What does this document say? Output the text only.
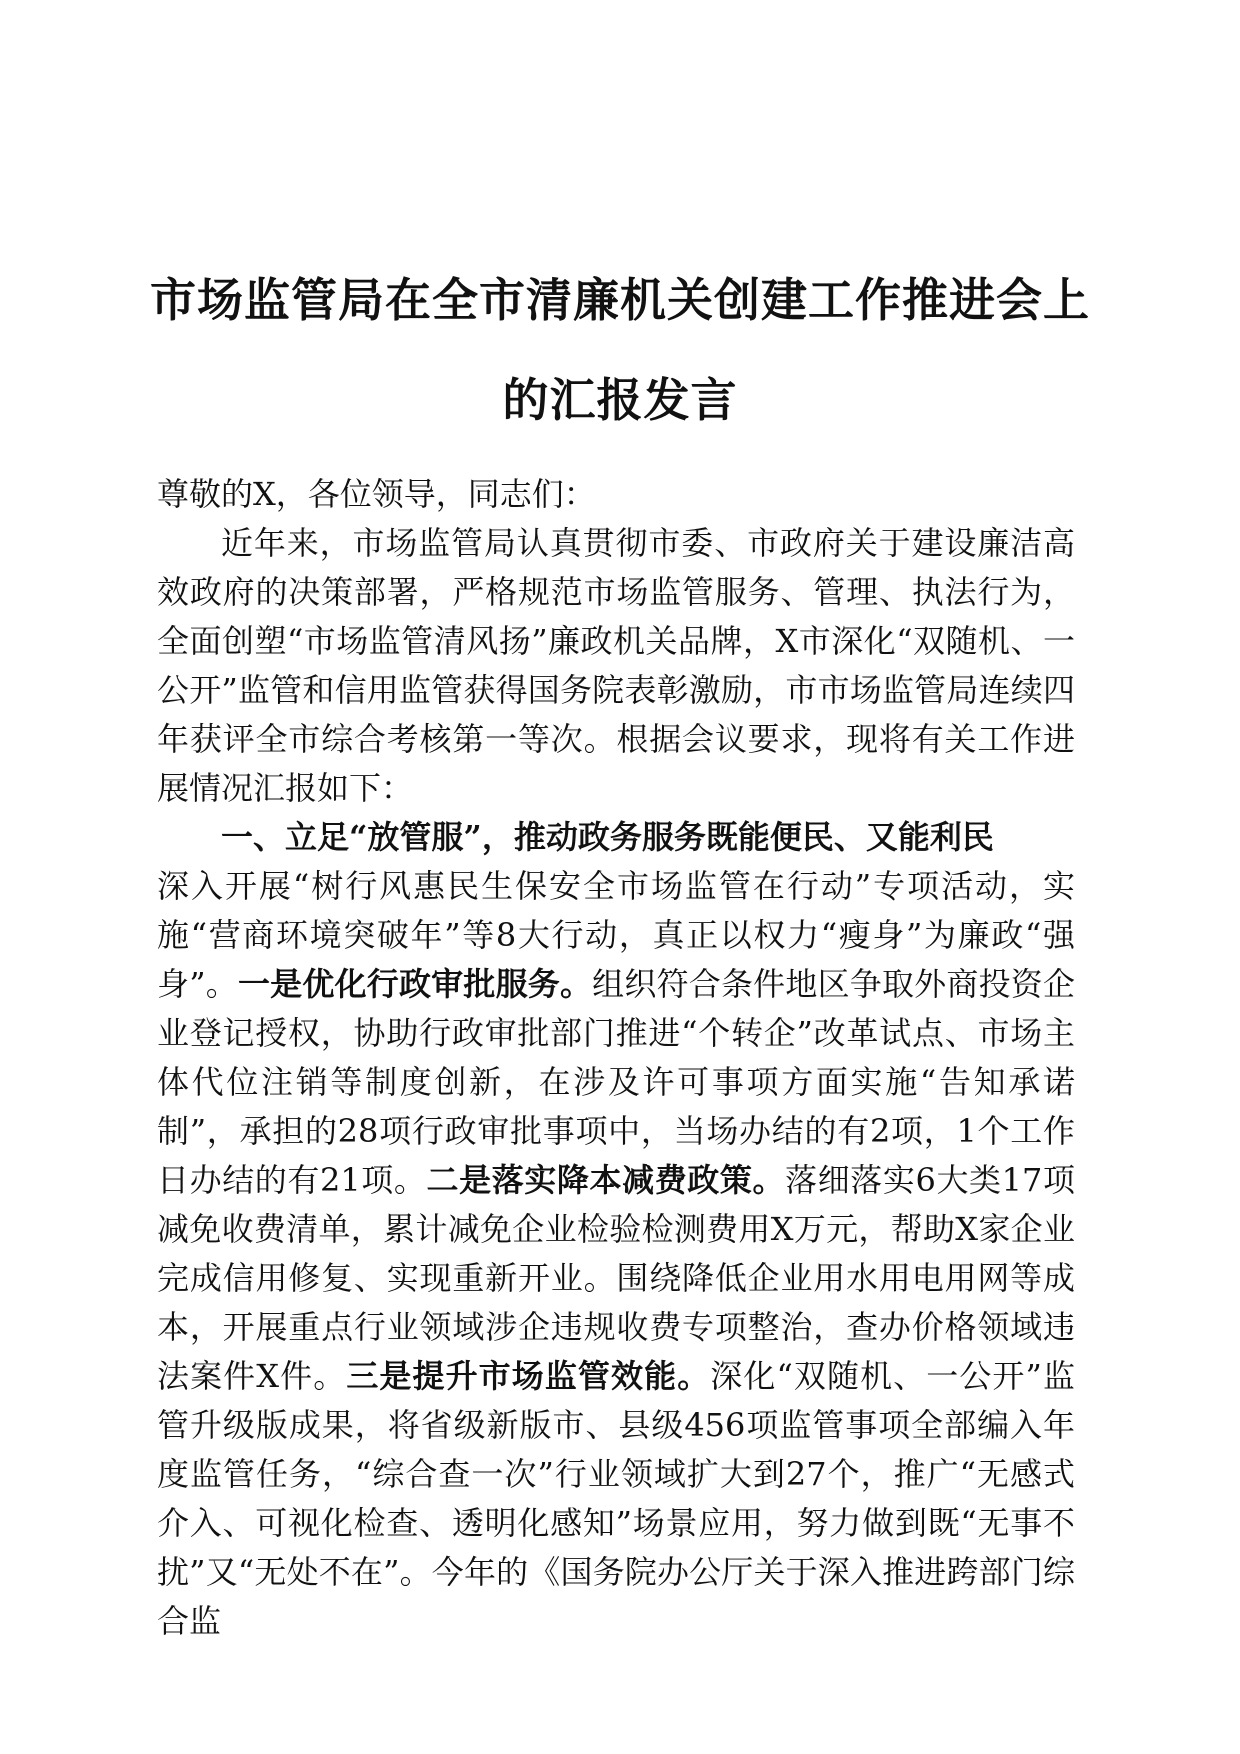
市场监管局在全市清廉机关创建工作推进会上
的汇报发言

尊敬的X，各位领导，同志们：

近年来，市场监管局认真贯彻市委、市政府关于建设廉洁高效政府的决策部署，严格规范市场监管服务、管理、执法行为，全面创塑“市场监管清风扬”廉政机关品牌，X市深化“双随机、一公开”监管和信用监管获得国务院表彰激励，市市场监管局连续四年获评全市综合考核第一等次。根据会议要求，现将有关工作进展情况汇报如下：

一、立足“放管服”，推动政务服务既能便民、又能利民

深入开展“树行风惠民生保安全市场监管在行动”专项活动，实施“营商环境突破年”等8大行动，真正以权力“瘦身”为廉政“强身”。一是优化行政审批服务。组织符合条件地区争取外商投资企业登记授权，协助行政审批部门推进“个转企”改革试点、市场主体代位注销等制度创新，在涉及许可事项方面实施“告知承诺制”，承担的28项行政审批事项中，当场办结的有2项，1个工作日办结的有21项。二是落实降本减费政策。落细落实6大类17项减免收费清单，累计减免企业检验检测费用X万元，帮助X家企业完成信用修复、实现重新开业。围绕降低企业用水用电用网等成本，开展重点行业领域涉企违规收费专项整治，查办价格领域违法案件X件。三是提升市场监管效能。深化“双随机、一公开”监管升级版成果，将省级新版市、县级456项监管事项全部编入年度监管任务，“综合查一次”行业领域扩大到27个，推广“无感式介入、可视化检查、透明化感知”场景应用，努力做到既“无事不扰”又“无处不在”。今年的《国务院办公厅关于深入推进跨部门综合监
